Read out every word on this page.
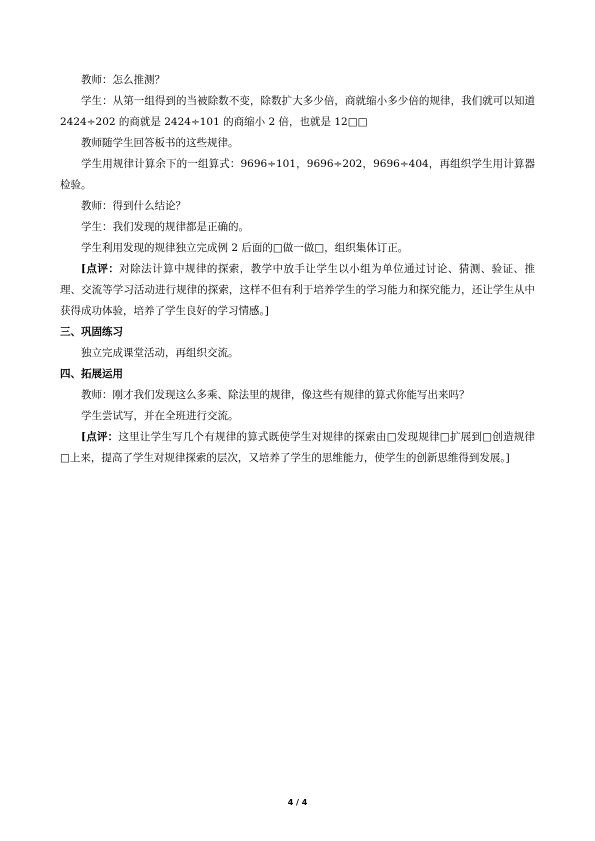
教师：怎么推测？

学生：从第一组得到的当被除数不变，除数扩大多少倍，商就缩小多少倍的规律，我们就可以知道 2424÷202 的商就是 2424÷101 的商缩小 2 倍，也就是 12□□

教师随学生回答板书的这些规律。

学生用规律计算余下的一组算式：9696÷101，9696÷202，9696÷404，再组织学生用计算器检验。

教师：得到什么结论？

学生：我们发现的规律都是正确的。

学生利用发现的规律独立完成例 2 后面的□做一做□，组织集体订正。

[点评：对除法计算中规律的探索，教学中放手让学生以小组为单位通过讨论、猜测、验证、推理、交流等学习活动进行规律的探索，这样不但有利于培养学生的学习能力和探究能力，还让学生从中获得成功体验，培养了学生良好的学习情感。]

三、巩固练习

独立完成课堂活动，再组织交流。

四、拓展运用

教师：刚才我们发现这么多乘、除法里的规律，像这些有规律的算式你能写出来吗？

学生尝试写，并在全班进行交流。

[点评：这里让学生写几个有规律的算式既使学生对规律的探索由□发现规律□扩展到□创造规律□上来，提高了学生对规律探索的层次，又培养了学生的思维能力，使学生的创新思维得到发展。]

4 / 4
